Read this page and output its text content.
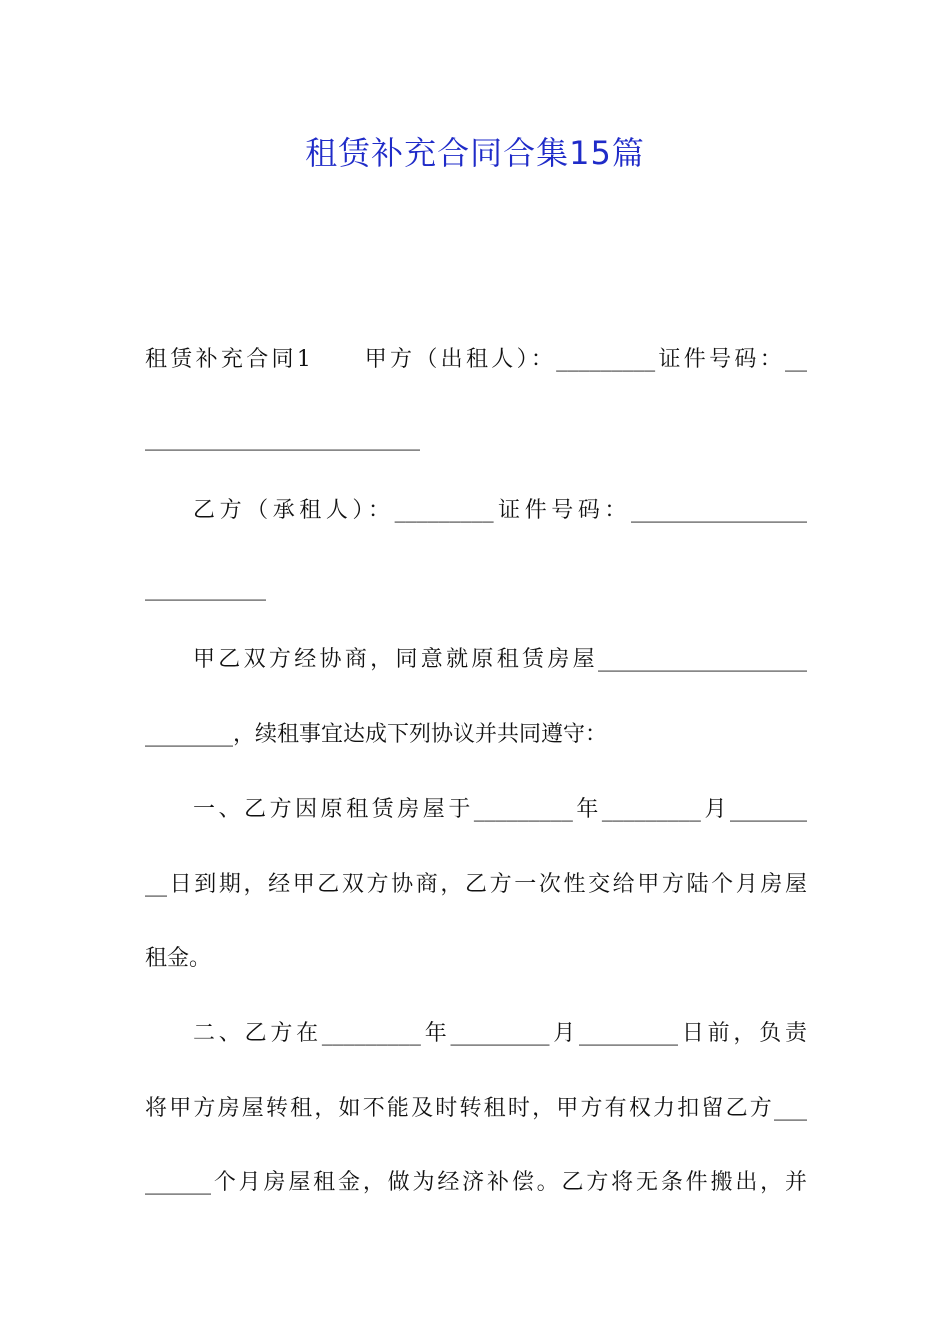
租赁补充合同合集15篇
租赁补充合同1　　甲方（出租人）：_________证件号码：__
_________________________
乙方（承租人）：_________证件号码：________________
___________
甲乙双方经协商，同意就原租赁房屋___________________
________，续租事宜达成下列协议并共同遵守：
一、乙方因原租赁房屋于_________年_________月_______
__日到期，经甲乙双方协商，乙方一次性交给甲方陆个月房屋
租金。
二、乙方在_________年_________月_________日前，负责
将甲方房屋转租，如不能及时转租时，甲方有权力扣留乙方___
______个月房屋租金，做为经济补偿。乙方将无条件搬出，并
